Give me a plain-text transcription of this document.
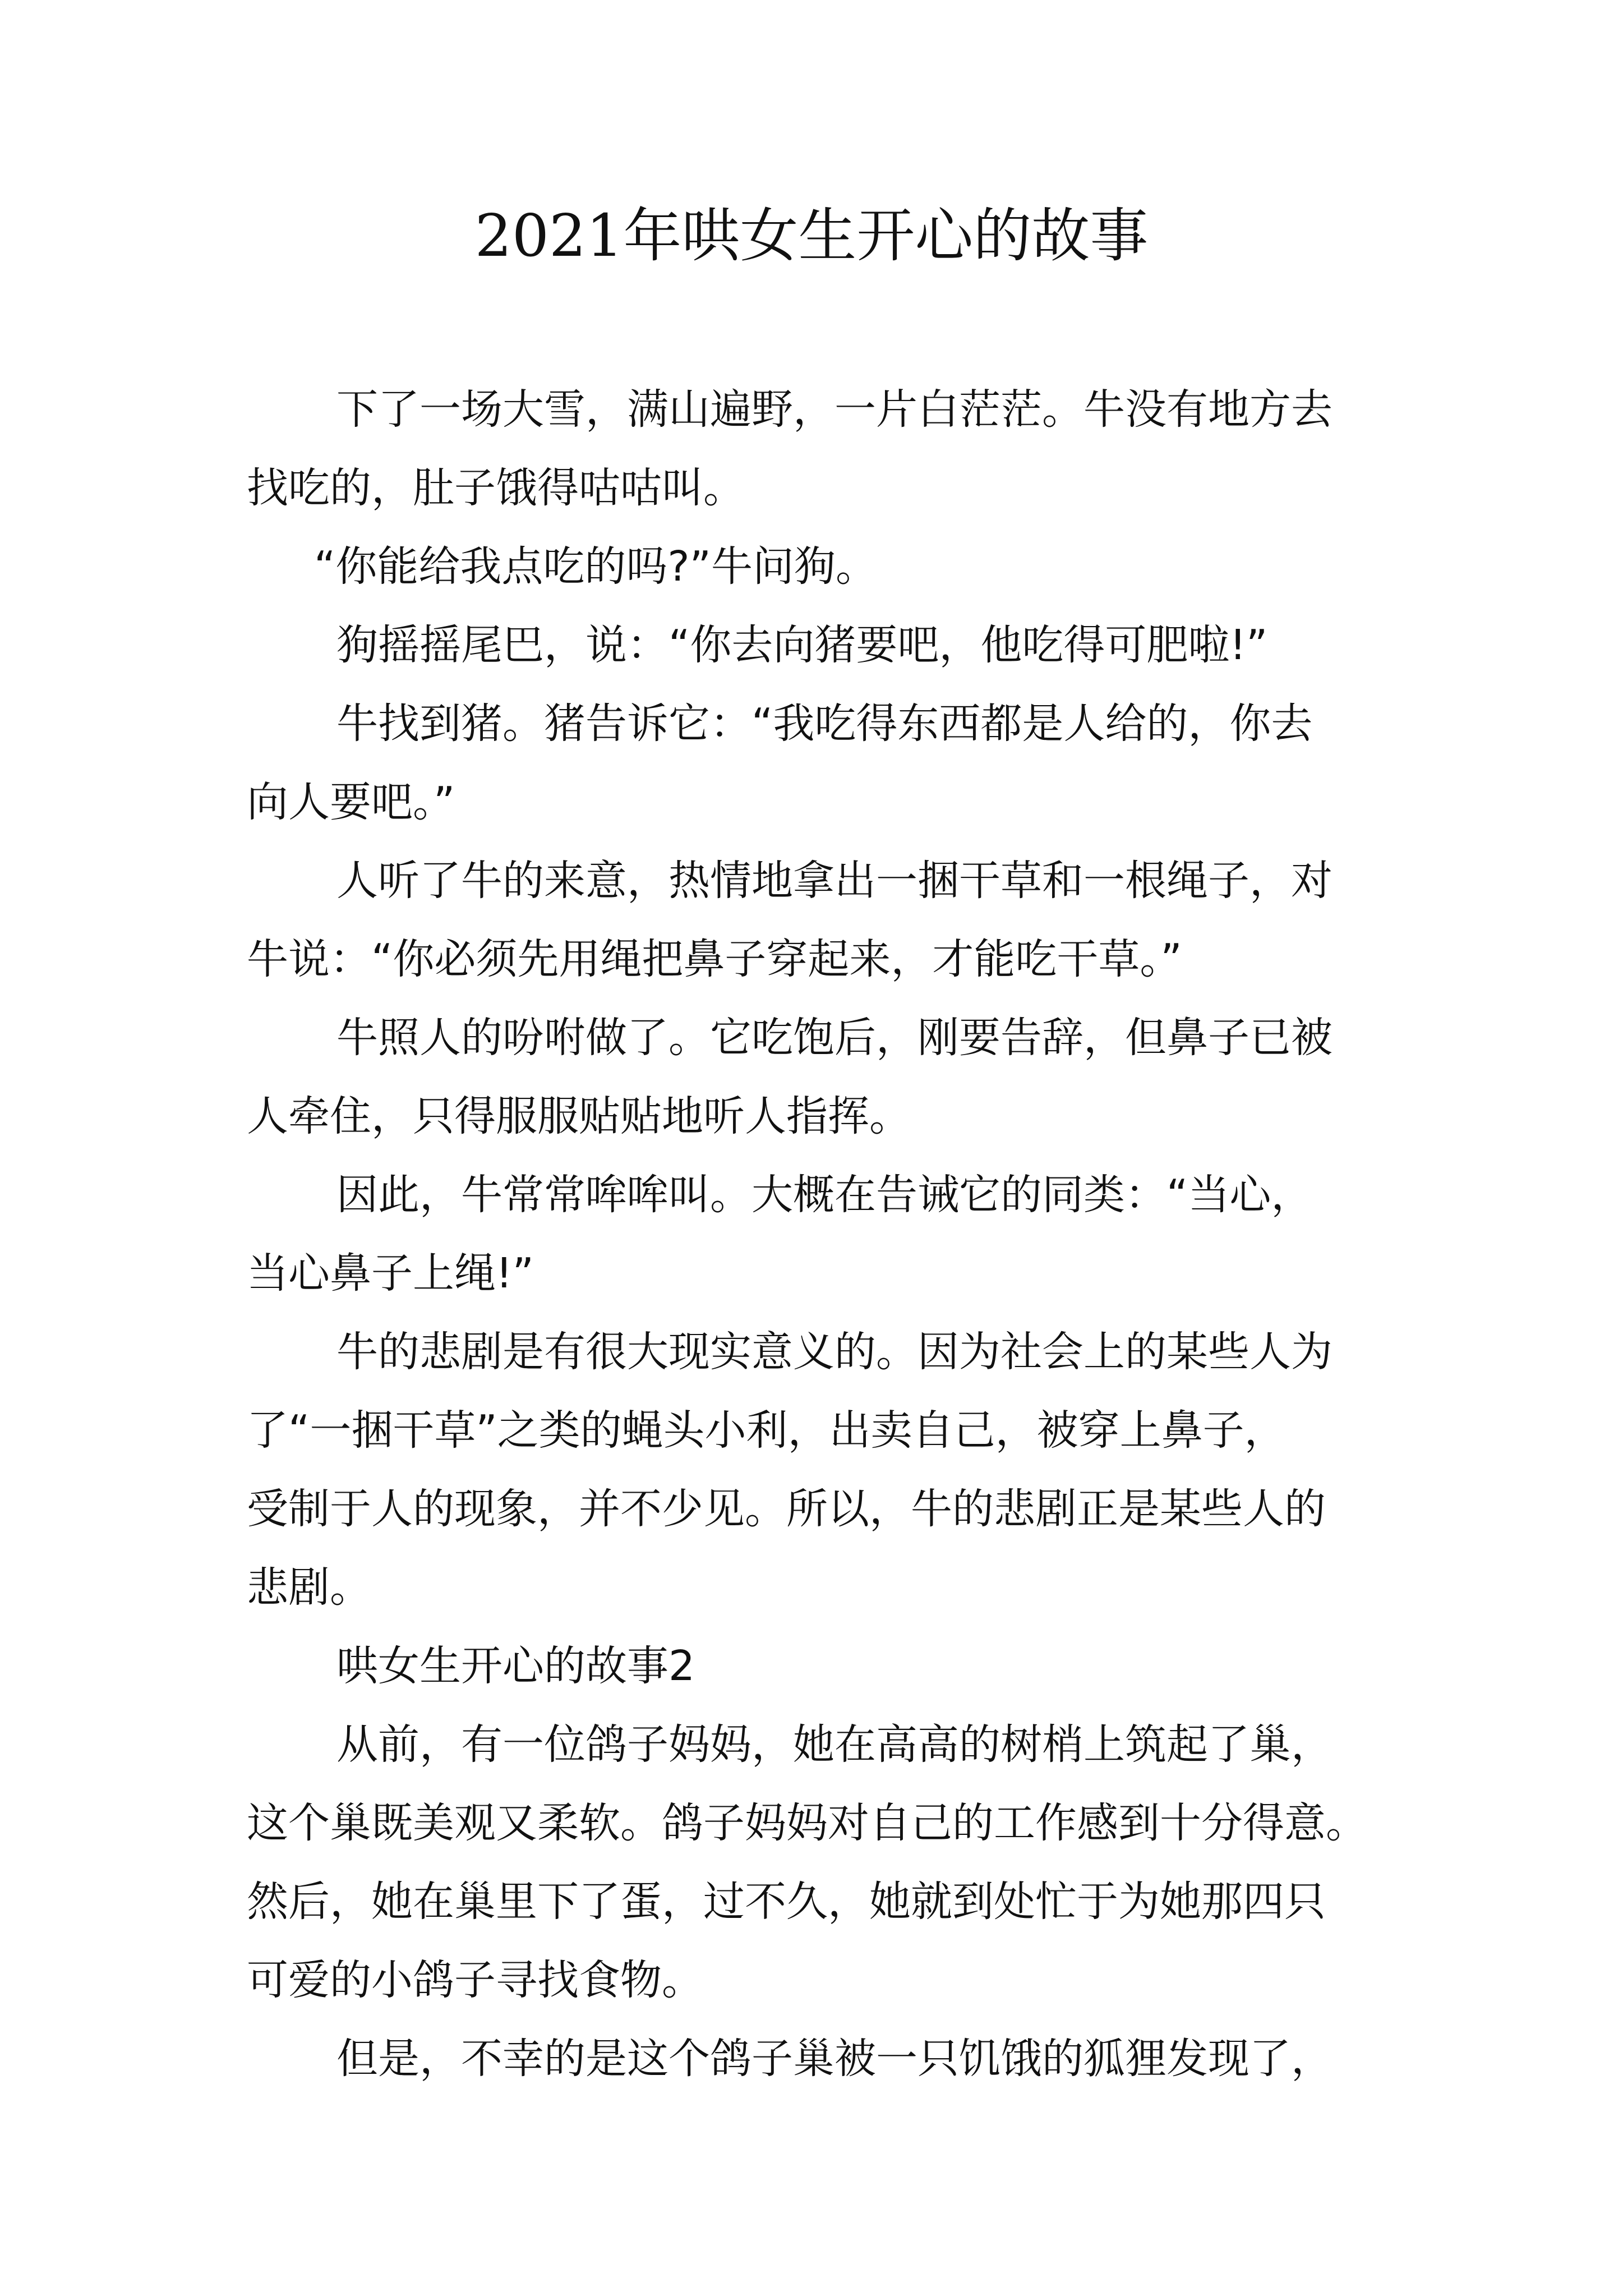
2021年哄女生开心的故事
下了一场大雪，满山遍野，一片白茫茫。牛没有地方去
找吃的，肚子饿得咕咕叫。
“你能给我点吃的吗?”牛问狗。
狗摇摇尾巴，说：“你去向猪要吧，他吃得可肥啦!”
牛找到猪。猪告诉它：“我吃得东西都是人给的，你去
向人要吧。”
人听了牛的来意，热情地拿出一捆干草和一根绳子，对
牛说：“你必须先用绳把鼻子穿起来，才能吃干草。”
牛照人的吩咐做了。它吃饱后，刚要告辞，但鼻子已被
人牵住，只得服服贴贴地听人指挥。
因此，牛常常哞哞叫。大概在告诫它的同类：“当心，
当心鼻子上绳!”
牛的悲剧是有很大现实意义的。因为社会上的某些人为
了“一捆干草”之类的蝇头小利，出卖自己，被穿上鼻子，
受制于人的现象，并不少见。所以，牛的悲剧正是某些人的
悲剧。
哄女生开心的故事2
从前，有一位鸽子妈妈，她在高高的树梢上筑起了巢，
这个巢既美观又柔软。鸽子妈妈对自己的工作感到十分得意。
然后，她在巢里下了蛋，过不久，她就到处忙于为她那四只
可爱的小鸽子寻找食物。
但是，不幸的是这个鸽子巢被一只饥饿的狐狸发现了，
